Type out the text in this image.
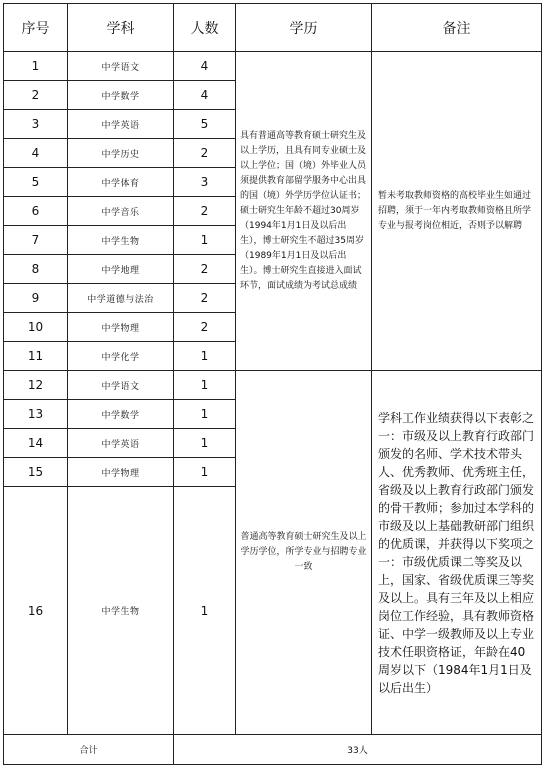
序号	学科	人数	学历	备注
1	中学语文	4	具有普通高等教育硕士研究生及以上学历，且具有同专业硕士及以上学位；国（境）外毕业人员须提供教育部留学服务中心出具的国（境）外学历学位认证书；硕士研究生年龄不超过30周岁（1994年1月1日及以后出生），博士研究生不超过35周岁（1989年1月1日及以后出生）。博士研究生直接进入面试环节，面试成绩为考试总成绩	暂未考取教师资格的高校毕业生如通过招聘，须于一年内考取教师资格且所学专业与报考岗位相近，否则予以解聘
2	中学数学	4		
3	中学英语	5		
4	中学历史	2		
5	中学体育	3		
6	中学音乐	2		
7	中学生物	1		
8	中学地理	2		
9	中学道德与法治	2		
10	中学物理	2		
11	中学化学	1		
12	中学语文	1	普通高等教育硕士研究生及以上学历学位，所学专业与招聘专业一致	学科工作业绩获得以下表彰之一：市级及以上教育行政部门颁发的名师、学术技术带头人、优秀教师、优秀班主任，省级及以上教育行政部门颁发的骨干教师；参加过本学科的市级及以上基础教研部门组织的优质课，并获得以下奖项之一：市级优质课二等奖及以上，国家、省级优质课三等奖及以上。具有三年及以上相应岗位工作经验，具有教师资格证、中学一级教师及以上专业技术任职资格证，年龄在40周岁以下（1984年1月1日及以后出生）
13	中学数学	1		
14	中学英语	1		
15	中学物理	1		
16	中学生物	1		
合计		33人		
